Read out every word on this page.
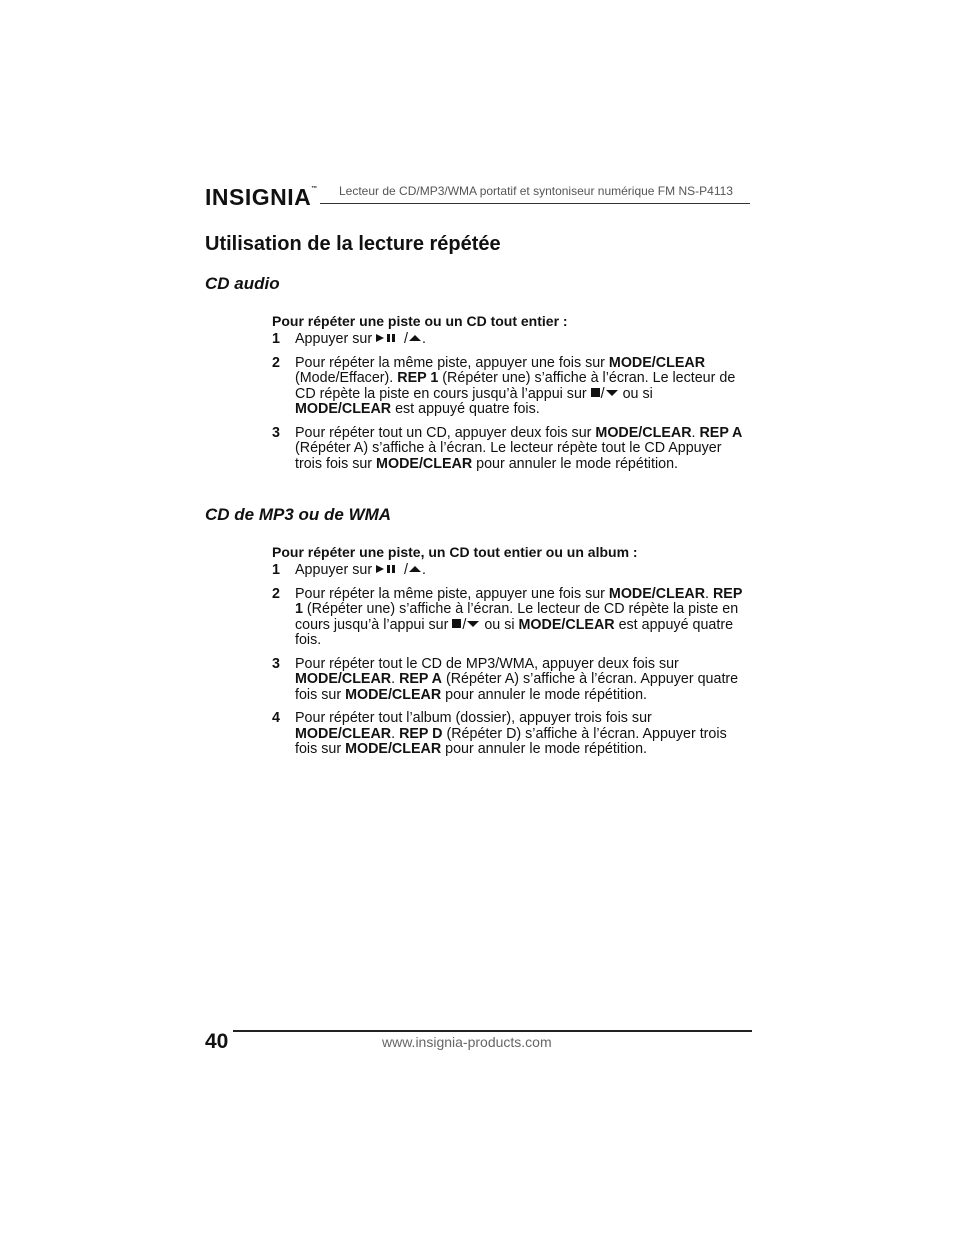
INSIGNIA™ Lecteur de CD/MP3/WMA portatif et syntoniseur numérique FM NS-P4113
Utilisation de la lecture répétée
CD audio
Pour répéter une piste ou un CD tout entier :
1 Appuyer sur  / .
2 Pour répéter la même piste, appuyer une fois sur MODE/CLEAR (Mode/Effacer). REP 1 (Répéter une) s’affiche à l’écran. Le lecteur de CD répète la piste en cours jusqu’à l’appui sur / ou si MODE/CLEAR est appuyé quatre fois.
3 Pour répéter tout un CD, appuyer deux fois sur MODE/CLEAR. REP A (Répéter A) s’affiche à l’écran. Le lecteur répète tout le CD Appuyer trois fois sur MODE/CLEAR pour annuler le mode répétition.
CD de MP3 ou de WMA
Pour répéter une piste, un CD tout entier ou un album :
1 Appuyer sur  / .
2 Pour répéter la même piste, appuyer une fois sur MODE/CLEAR. REP 1 (Répéter une) s’affiche à l’écran. Le lecteur de CD répète la piste en cours jusqu’à l’appui sur / ou si MODE/CLEAR est appuyé quatre fois.
3 Pour répéter tout le CD de MP3/WMA, appuyer deux fois sur MODE/CLEAR. REP A (Répéter A) s’affiche à l’écran. Appuyer quatre fois sur MODE/CLEAR pour annuler le mode répétition.
4 Pour répéter tout l’album (dossier), appuyer trois fois sur MODE/CLEAR. REP D (Répéter D) s’affiche à l’écran. Appuyer trois fois sur MODE/CLEAR pour annuler le mode répétition.
40	www.insignia-products.com
